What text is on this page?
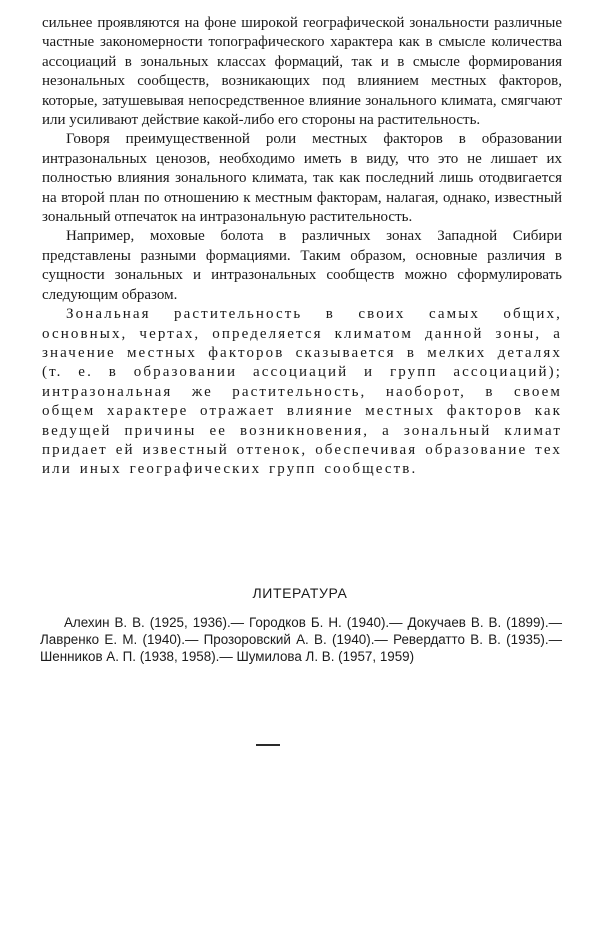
сильнее проявляются на фоне широкой географической зональности различные частные закономерности топографического характера как в смысле количества ассоциаций в зональных классах формаций, так и в смысле формирования незональных сообществ, возникающих под влиянием местных факторов, которые, затушевывая непосредственное влияние зонального климата, смягчают или усиливают действие какой-либо его стороны на растительность.

Говоря преимущественной роли местных факторов в образовании интразональных ценозов, необходимо иметь в виду, что это не лишает их полностью влияния зонального климата, так как последний лишь отодвигается на второй план по отношению к местным факторам, налагая, однако, известный зональный отпечаток на интразональную растительность.

Например, моховые болота в различных зонах Западной Сибири представлены разными формациями. Таким образом, основные различия в сущности зональных и интразональных сообществ можно сформулировать следующим образом.

Зональная растительность в своих самых общих, основных, чертах, определяется климатом данной зоны, а значение местных факторов сказывается в мелких деталях (т. е. в образовании ассоциаций и групп ассоциаций); интразональная же растительность, наоборот, в своем общем характере отражает влияние местных факторов как ведущей причины ее возникновения, а зональный климат придает ей известный оттенок, обеспечивая образование тех или иных географических групп сообществ.

ЛИТЕРАТУРА

Алехин В. В. (1925, 1936).— Городков Б. Н. (1940).— Докучаев В. В. (1899).— Лавренко Е. М. (1940).— Прозоровский А. В. (1940).— Ревердатто В. В. (1935).— Шенников А. П. (1938, 1958).— Шумилова Л. В. (1957, 1959)
